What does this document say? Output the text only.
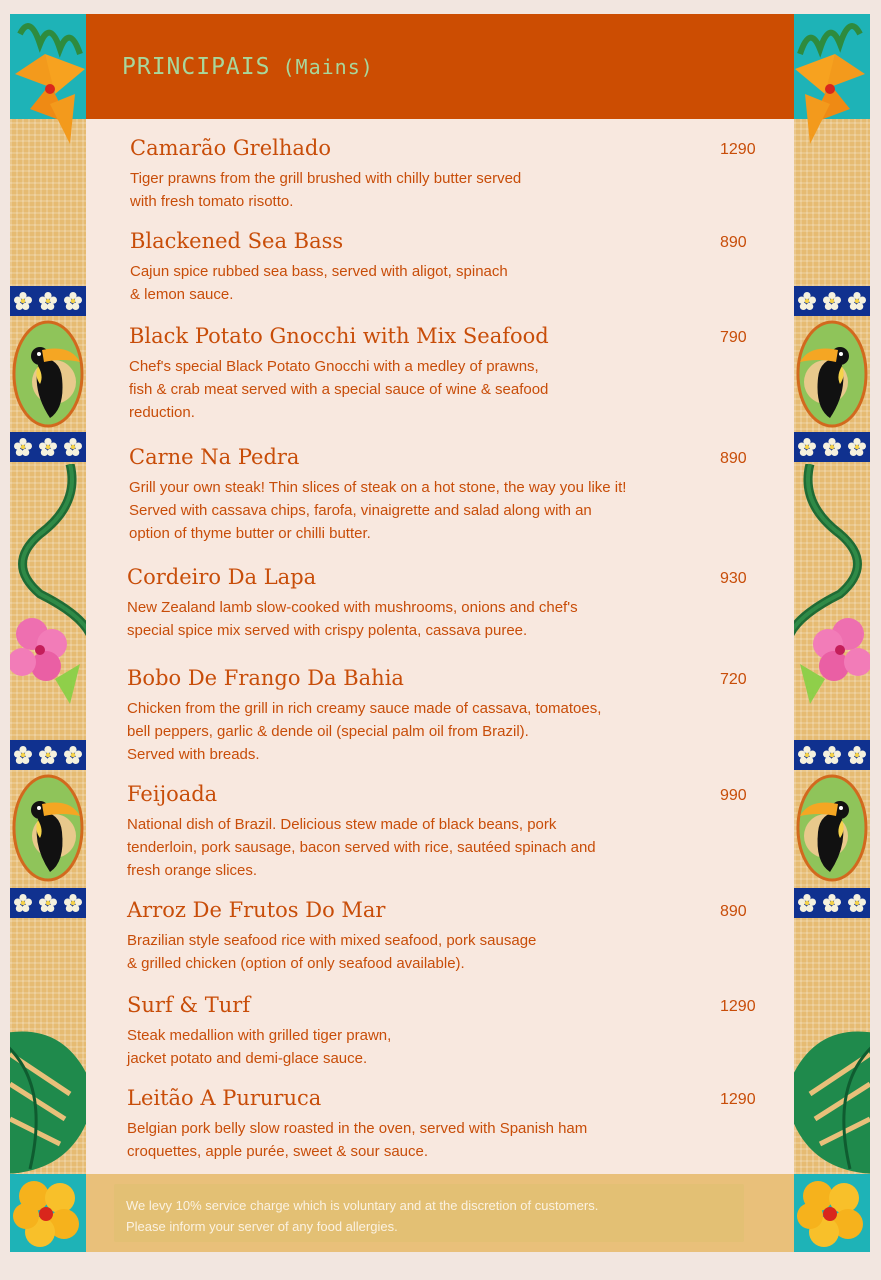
Camarão Grelhado	1290

Tiger prawns from the grill brushed with chilly butter served
with fresh tomato risotto.

Blackened Sea Bass	890

Cajun spice rubbed sea bass, served with aligot, spinach
& lemon sauce.

Black Potato Gnocchi with Mix Seafood	790

Chef's special Black Potato Gnocchi with a medley of prawns,
fish & crab meat served with a special sauce of wine & seafood
reduction.

Carne Na Pedra	890

Grill your own steak! Thin slices of steak on a hot stone, the way you like it!
Served with cassava chips, farofa, vinaigrette and salad along with an
option of thyme butter or chilli butter.

Cordeiro Da Lapa	930

New Zealand lamb slow-cooked with mushrooms, onions and chef's
special spice mix served with crispy polenta, cassava puree.

Bobo De Frango Da Bahia	720

Chicken from the grill in rich creamy sauce made of cassava, tomatoes,
bell peppers, garlic & dende oil (special palm oil from Brazil).
Served with breads.

Feijoada	990

National dish of Brazil. Delicious stew made of black beans, pork
tenderloin, pork sausage, bacon served with rice, sautéed spinach and
fresh orange slices.

Arroz De Frutos Do Mar	890

Brazilian style seafood rice with mixed seafood, pork sausage
& grilled chicken (option of only seafood available).

Surf & Turf	1290

Steak medallion with grilled tiger prawn,
jacket potato and demi-glace sauce.

Leitão A Pururuca	1290

Belgian pork belly slow roasted in the oven, served with Spanish ham
croquettes, apple purée, sweet & sour sauce.

PRINCIPAIS (Mains)

We levy 10% service charge which is voluntary and at the discretion of customers.

Please inform your server of any food allergies.
